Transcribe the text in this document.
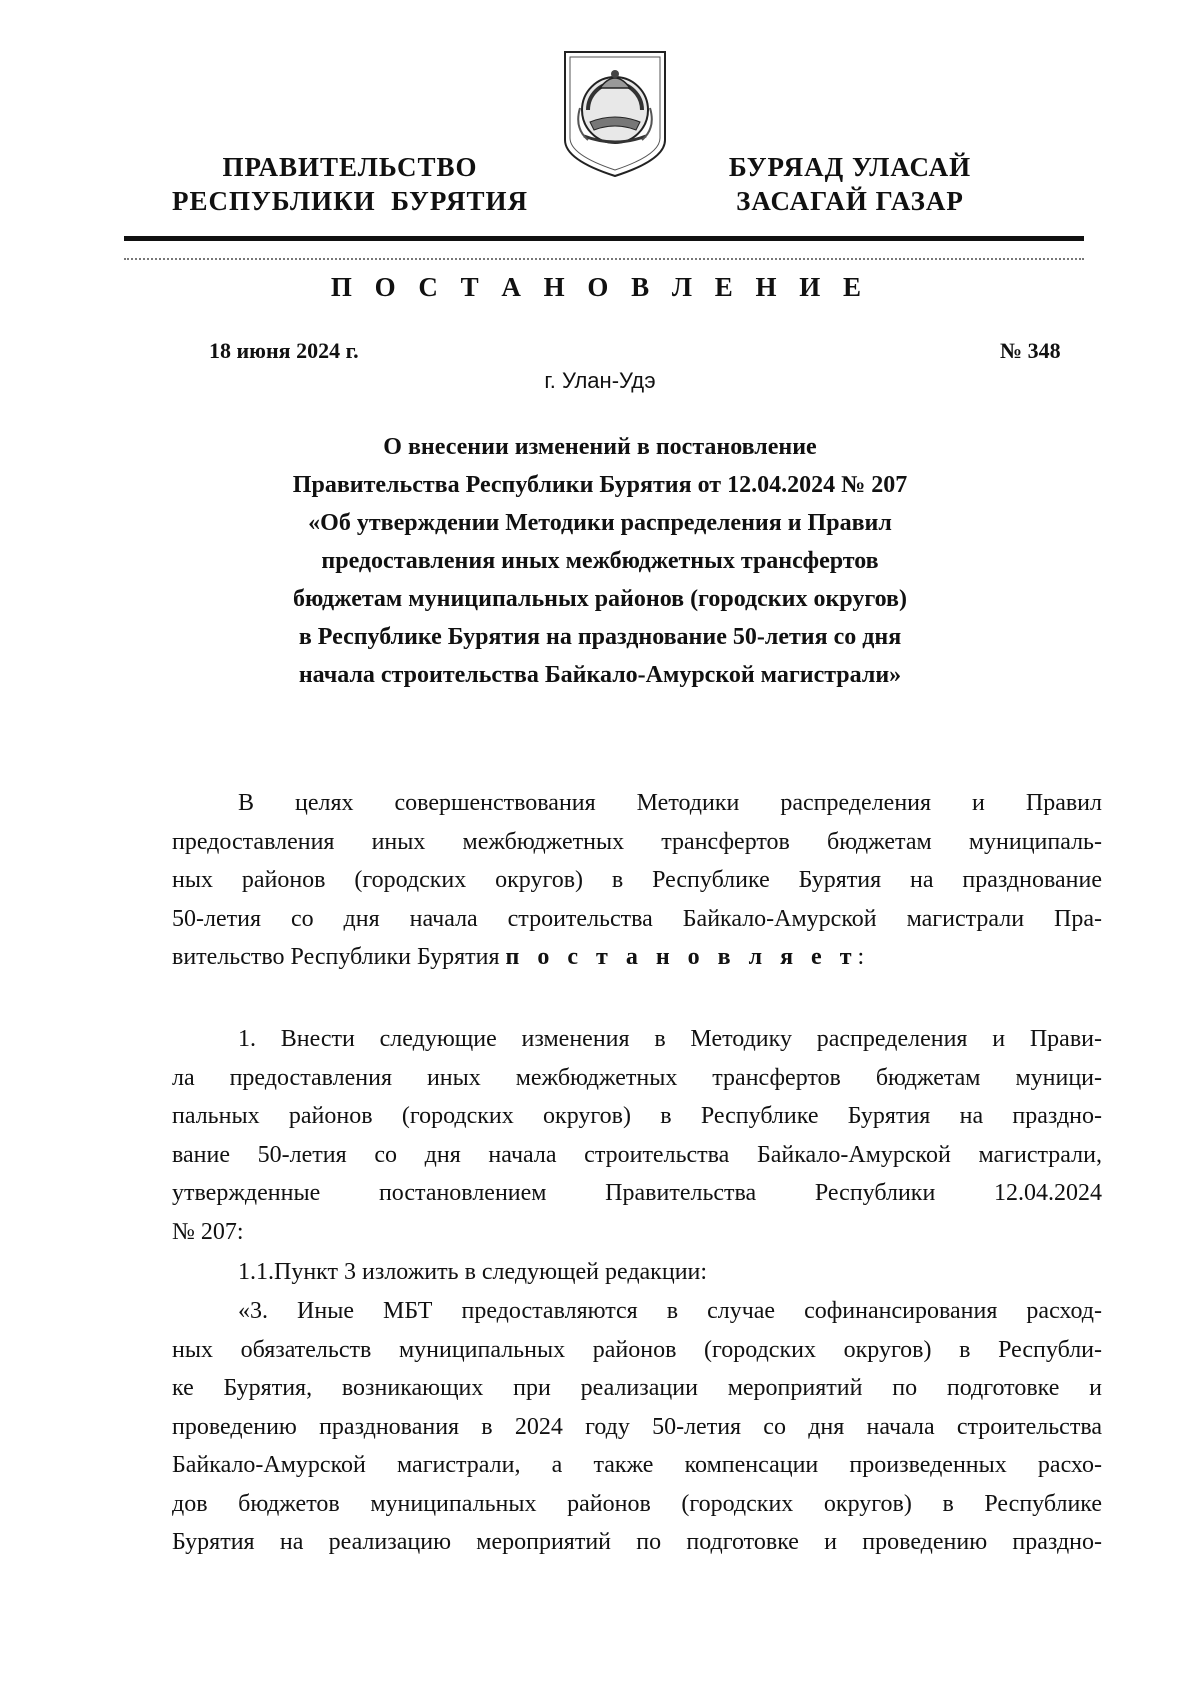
ПРАВИТЕЛЬСТВО
РЕСПУБЛИКИ  БУРЯТИЯ
БУРЯАД УЛАСАЙ
ЗАСАГАЙ ГАЗАР
П О С Т А Н О В Л Е Н И Е
18 июня 2024 г.	№ 348
г. Улан-Удэ
О внесении изменений в постановление
Правительства Республики Бурятия от 12.04.2024 № 207
«Об утверждении Методики распределения и Правил
предоставления иных межбюджетных трансфертов
бюджетам муниципальных районов (городских округов)
в Республике Бурятия на празднование 50-летия со дня
начала строительства Байкало-Амурской магистрали»
В целях совершенствования Методики распределения и Правил
предоставления иных межбюджетных трансфертов бюджетам муниципаль-
ных районов (городских округов) в Республике Бурятия на празднование
50-летия со дня начала строительства Байкало-Амурской магистрали Пра-
вительство Республики Бурятия п о с т а н о в л я е т:
1. Внести следующие изменения в Методику распределения и Прави-
ла предоставления иных межбюджетных трансфертов бюджетам муници-
пальных районов (городских округов) в Республике Бурятия на праздно-
вание 50-летия со дня начала строительства Байкало-Амурской магистрали,
утвержденные постановлением Правительства Республики 12.04.2024
№ 207:
1.1.Пункт 3 изложить в следующей редакции:
«3. Иные МБТ предоставляются в случае софинансирования расход-
ных обязательств муниципальных районов (городских округов) в Республи-
ке Бурятия, возникающих при реализации мероприятий по подготовке и
проведению празднования в 2024 году 50-летия со дня начала строительства
Байкало-Амурской магистрали, а также компенсации произведенных расхо-
дов бюджетов муниципальных районов (городских округов) в Республике
Бурятия на реализацию мероприятий по подготовке и проведению праздно-
